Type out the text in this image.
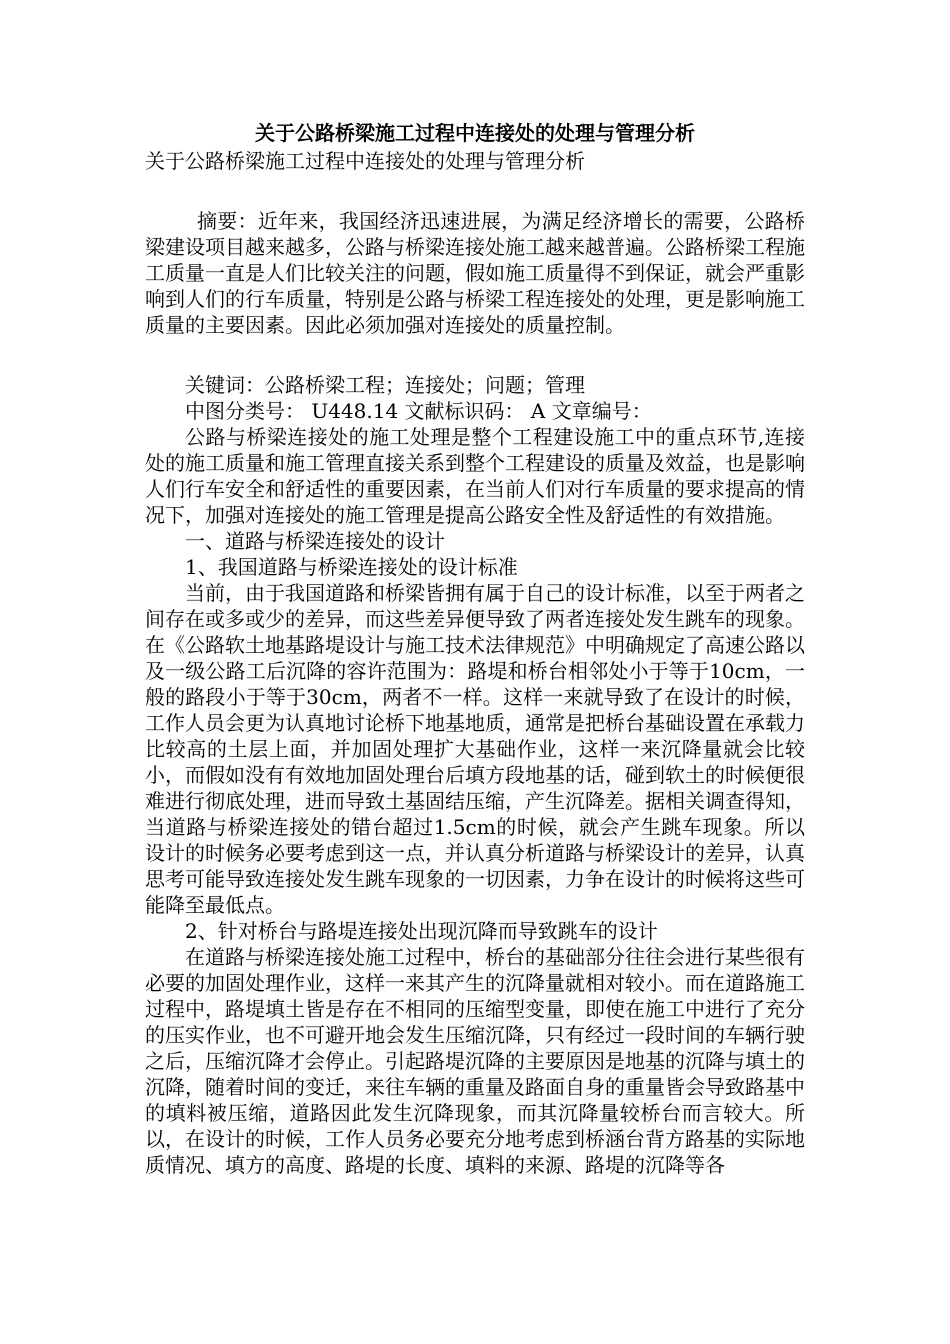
关于公路桥梁施工过程中连接处的处理与管理分析

关于公路桥梁施工过程中连接处的处理与管理分析

摘要：近年来，我国经济迅速进展，为满足经济增长的需要，公路桥梁建设项目越来越多，公路与桥梁连接处施工越来越普遍。公路桥梁工程施工质量一直是人们比较关注的问题，假如施工质量得不到保证，就会严重影响到人们的行车质量，特别是公路与桥梁工程连接处的处理，更是影响施工质量的主要因素。因此必须加强对连接处的质量控制。

关键词：公路桥梁工程；连接处；问题；管理

中图分类号： U448.14 文献标识码： A 文章编号：

公路与桥梁连接处的施工处理是整个工程建设施工中的重点环节,连接处的施工质量和施工管理直接关系到整个工程建设的质量及效益，也是影响人们行车安全和舒适性的重要因素，在当前人们对行车质量的要求提高的情况下，加强对连接处的施工管理是提高公路安全性及舒适性的有效措施。

一、道路与桥梁连接处的设计

1、我国道路与桥梁连接处的设计标准

当前，由于我国道路和桥梁皆拥有属于自己的设计标准，以至于两者之间存在或多或少的差异，而这些差异便导致了两者连接处发生跳车的现象。在《公路软土地基路堤设计与施工技术法律规范》中明确规定了高速公路以及一级公路工后沉降的容许范围为：路堤和桥台相邻处小于等于10cm，一般的路段小于等于30cm，两者不一样。这样一来就导致了在设计的时候，工作人员会更为认真地讨论桥下地基地质，通常是把桥台基础设置在承载力比较高的土层上面，并加固处理扩大基础作业，这样一来沉降量就会比较小，而假如没有有效地加固处理台后填方段地基的话，碰到软土的时候便很难进行彻底处理，进而导致土基固结压缩，产生沉降差。据相关调查得知，当道路与桥梁连接处的错台超过1.5cm的时候，就会产生跳车现象。所以设计的时候务必要考虑到这一点，并认真分析道路与桥梁设计的差异，认真思考可能导致连接处发生跳车现象的一切因素，力争在设计的时候将这些可能降至最低点。

2、针对桥台与路堤连接处出现沉降而导致跳车的设计

在道路与桥梁连接处施工过程中，桥台的基础部分往往会进行某些很有必要的加固处理作业，这样一来其产生的沉降量就相对较小。而在道路施工过程中，路堤填土皆是存在不相同的压缩型变量，即使在施工中进行了充分的压实作业，也不可避开地会发生压缩沉降，只有经过一段时间的车辆行驶之后，压缩沉降才会停止。引起路堤沉降的主要原因是地基的沉降与填土的沉降，随着时间的变迁，来往车辆的重量及路面自身的重量皆会导致路基中的填料被压缩，道路因此发生沉降现象，而其沉降量较桥台而言较大。所以，在设计的时候，工作人员务必要充分地考虑到桥涵台背方路基的实际地质情况、填方的高度、路堤的长度、填料的来源、路堤的沉降等各
